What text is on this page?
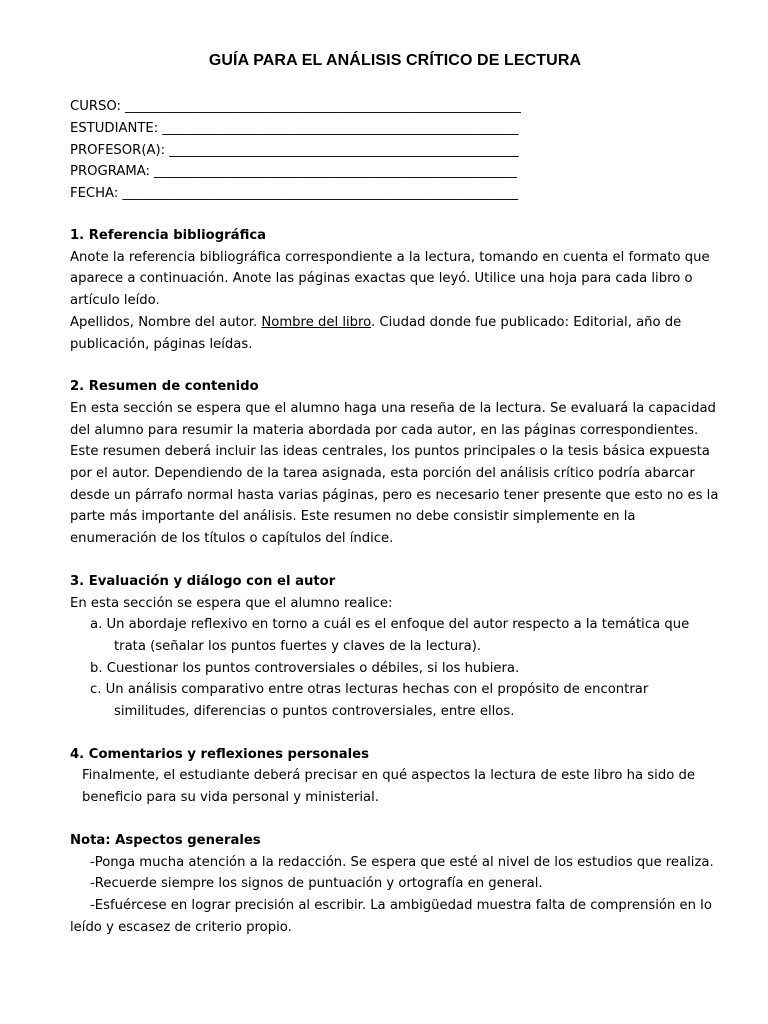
GUÍA PARA EL ANÁLISIS CRÍTICO DE LECTURA
CURSO: ____________________________________________________________
ESTUDIANTE: ______________________________________________________
PROFESOR(A): _____________________________________________________
PROGRAMA: _______________________________________________________
FECHA: ____________________________________________________________
1. Referencia bibliográfica

Anote la referencia bibliográfica correspondiente a la lectura, tomando en cuenta el formato que aparece a continuación. Anote las páginas exactas que leyó. Utilice una hoja para cada libro o artículo leído.

Apellidos, Nombre del autor. Nombre del libro. Ciudad donde fue publicado: Editorial, año de publicación, páginas leídas.

2. Resumen de contenido

En esta sección se espera que el alumno haga una reseña de la lectura. Se evaluará la capacidad del alumno para resumir la materia abordada por cada autor, en las páginas correspondientes. Este resumen deberá incluir las ideas centrales, los puntos principales o la tesis básica expuesta por el autor. Dependiendo de la tarea asignada, esta porción del análisis crítico podría abarcar desde un párrafo normal hasta varias páginas, pero es necesario tener presente que esto no es la parte más importante del análisis. Este resumen no debe consistir simplemente en la enumeración de los títulos o capítulos del índice.

3. Evaluación y diálogo con el autor

En esta sección se espera que el alumno realice:

a. Un abordaje reflexivo en torno a cuál es el enfoque del autor respecto a la temática que trata (señalar los puntos fuertes y claves de la lectura).
b. Cuestionar los puntos controversiales o débiles, si los hubiera.
c. Un análisis comparativo entre otras lecturas hechas con el propósito de encontrar similitudes, diferencias o puntos controversiales, entre ellos.
4. Comentarios y reflexiones personales

Finalmente, el estudiante deberá precisar en qué aspectos la lectura de este libro ha sido de beneficio para su vida personal y ministerial.

Nota: Aspectos generales
-Ponga mucha atención a la redacción. Se espera que esté al nivel de los estudios que realiza.
-Recuerde siempre los signos de puntuación y ortografía en general.
-Esfuércese en lograr precisión al escribir. La ambigüedad muestra falta de comprensión en lo leído y escasez de criterio propio.
